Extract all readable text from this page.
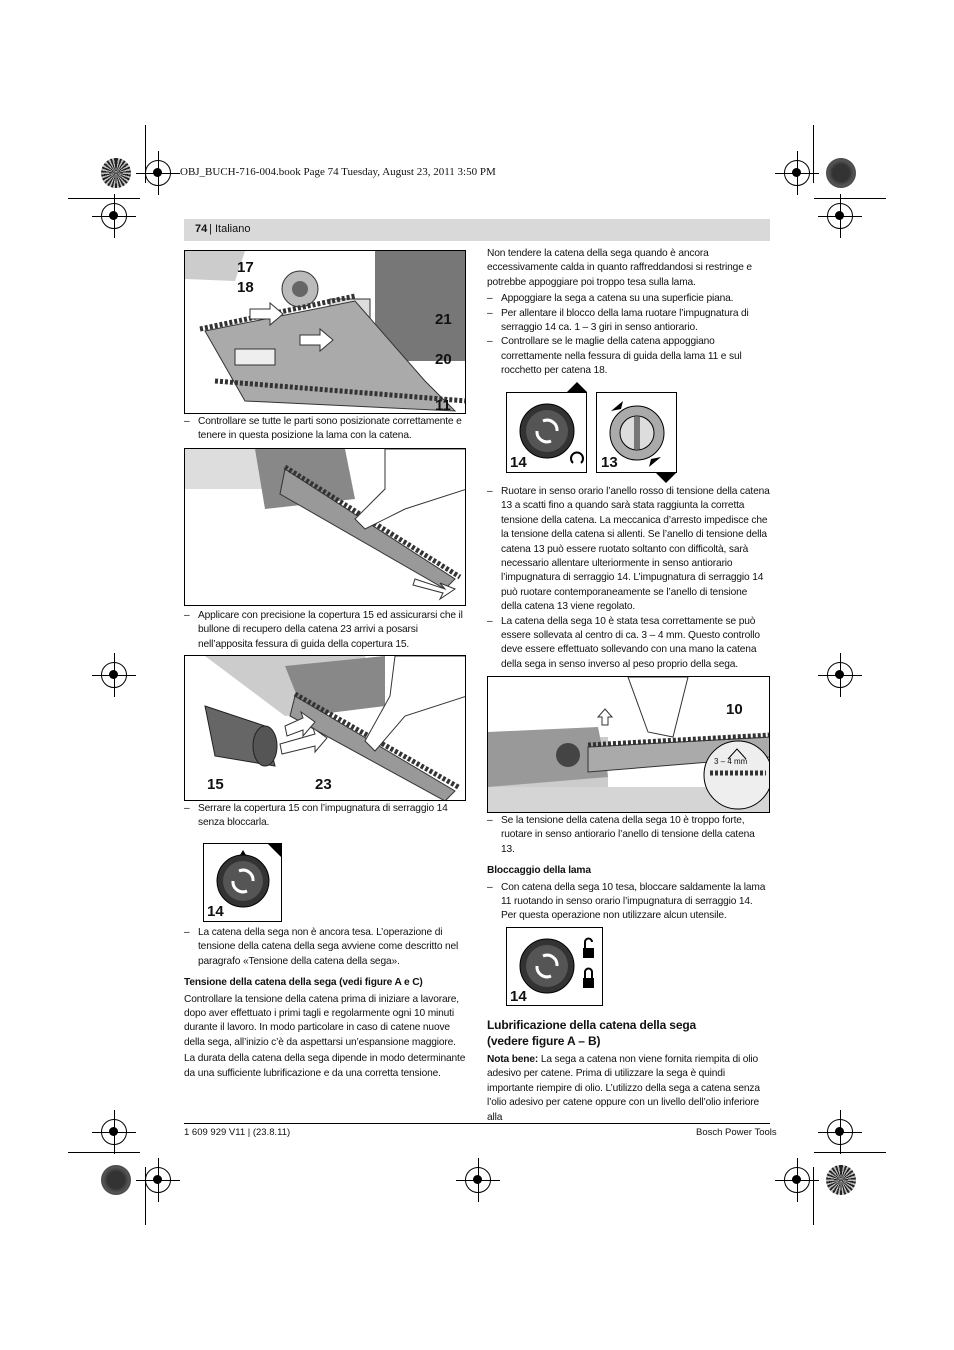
OBJ_BUCH-716-004.book Page 74 Tuesday, August 23, 2011 3:50 PM
74 | Italiano
17
18
21
20
11

– Controllare se tutte le parti sono posizionate correttamente e tenere in questa posizione la lama con la catena.

– Applicare con precisione la copertura 15 ed assicurarsi che il bullone di recupero della catena 23 arrivi a posarsi nell’apposita fessura di guida della copertura 15.

15	23

– Serrare la copertura 15 con l’impugnatura di serraggio 14 senza bloccarla.

14

– La catena della sega non è ancora tesa. L’operazione di tensione della catena della sega avviene come descritto nel paragrafo «Tensione della catena della sega».

Tensione della catena della sega (vedi figure A e C)

Controllare la tensione della catena prima di iniziare a lavorare, dopo aver effettuato i primi tagli e regolarmente ogni 10 minuti durante il lavoro. In modo particolare in caso di catene nuove della sega, all’inizio c’è da aspettarsi un’espansione maggiore.

La durata della catena della sega dipende in modo determinante da una sufficiente lubrificazione e da una corretta tensione.

Non tendere la catena della sega quando è ancora eccessivamente calda in quanto raffreddandosi si restringe e potrebbe appoggiare poi troppo tesa sulla lama.

– Appoggiare la sega a catena su una superficie piana.

– Per allentare il blocco della lama ruotare l’impugnatura di serraggio 14 ca. 1 – 3 giri in senso antiorario.

– Controllare se le maglie della catena appoggiano correttamente nella fessura di guida della lama 11 e sul rocchetto per catena 18.

14	13

– Ruotare in senso orario l’anello rosso di tensione della catena 13 a scatti fino a quando sarà stata raggiunta la corretta tensione della catena. La meccanica d’arresto impedisce che la tensione della catena si allenti. Se l’anello di tensione della catena 13 può essere ruotato soltanto con difficoltà, sarà necessario allentare ulteriormente in senso antiorario l’impugnatura di serraggio 14. L’impugnatura di serraggio 14 può ruotare contemporaneamente se l’anello di tensione della catena 13 viene regolato.

– La catena della sega 10 è stata tesa correttamente se può essere sollevata al centro di ca. 3 – 4 mm. Questo controllo deve essere effettuato sollevando con una mano la catena della sega in senso inverso al peso proprio della sega.

10
3 – 4 mm

– Se la tensione della catena della sega 10 è troppo forte, ruotare in senso antiorario l’anello di tensione della catena 13.

Bloccaggio della lama

– Con catena della sega 10 tesa, bloccare saldamente la lama 11 ruotando in senso orario l’impugnatura di serraggio 14. Per questa operazione non utilizzare alcun utensile.

14

Lubrificazione della catena della sega

(vedere figure A – B)

Nota bene: La sega a catena non viene fornita riempita di olio adesivo per catene. Prima di utilizzare la sega è quindi importante riempire di olio. L’utilizzo della sega a catena senza l’olio adesivo per catene oppure con un livello dell’olio inferiore alla

1 609 929 V11 | (23.8.11)	Bosch Power Tools
